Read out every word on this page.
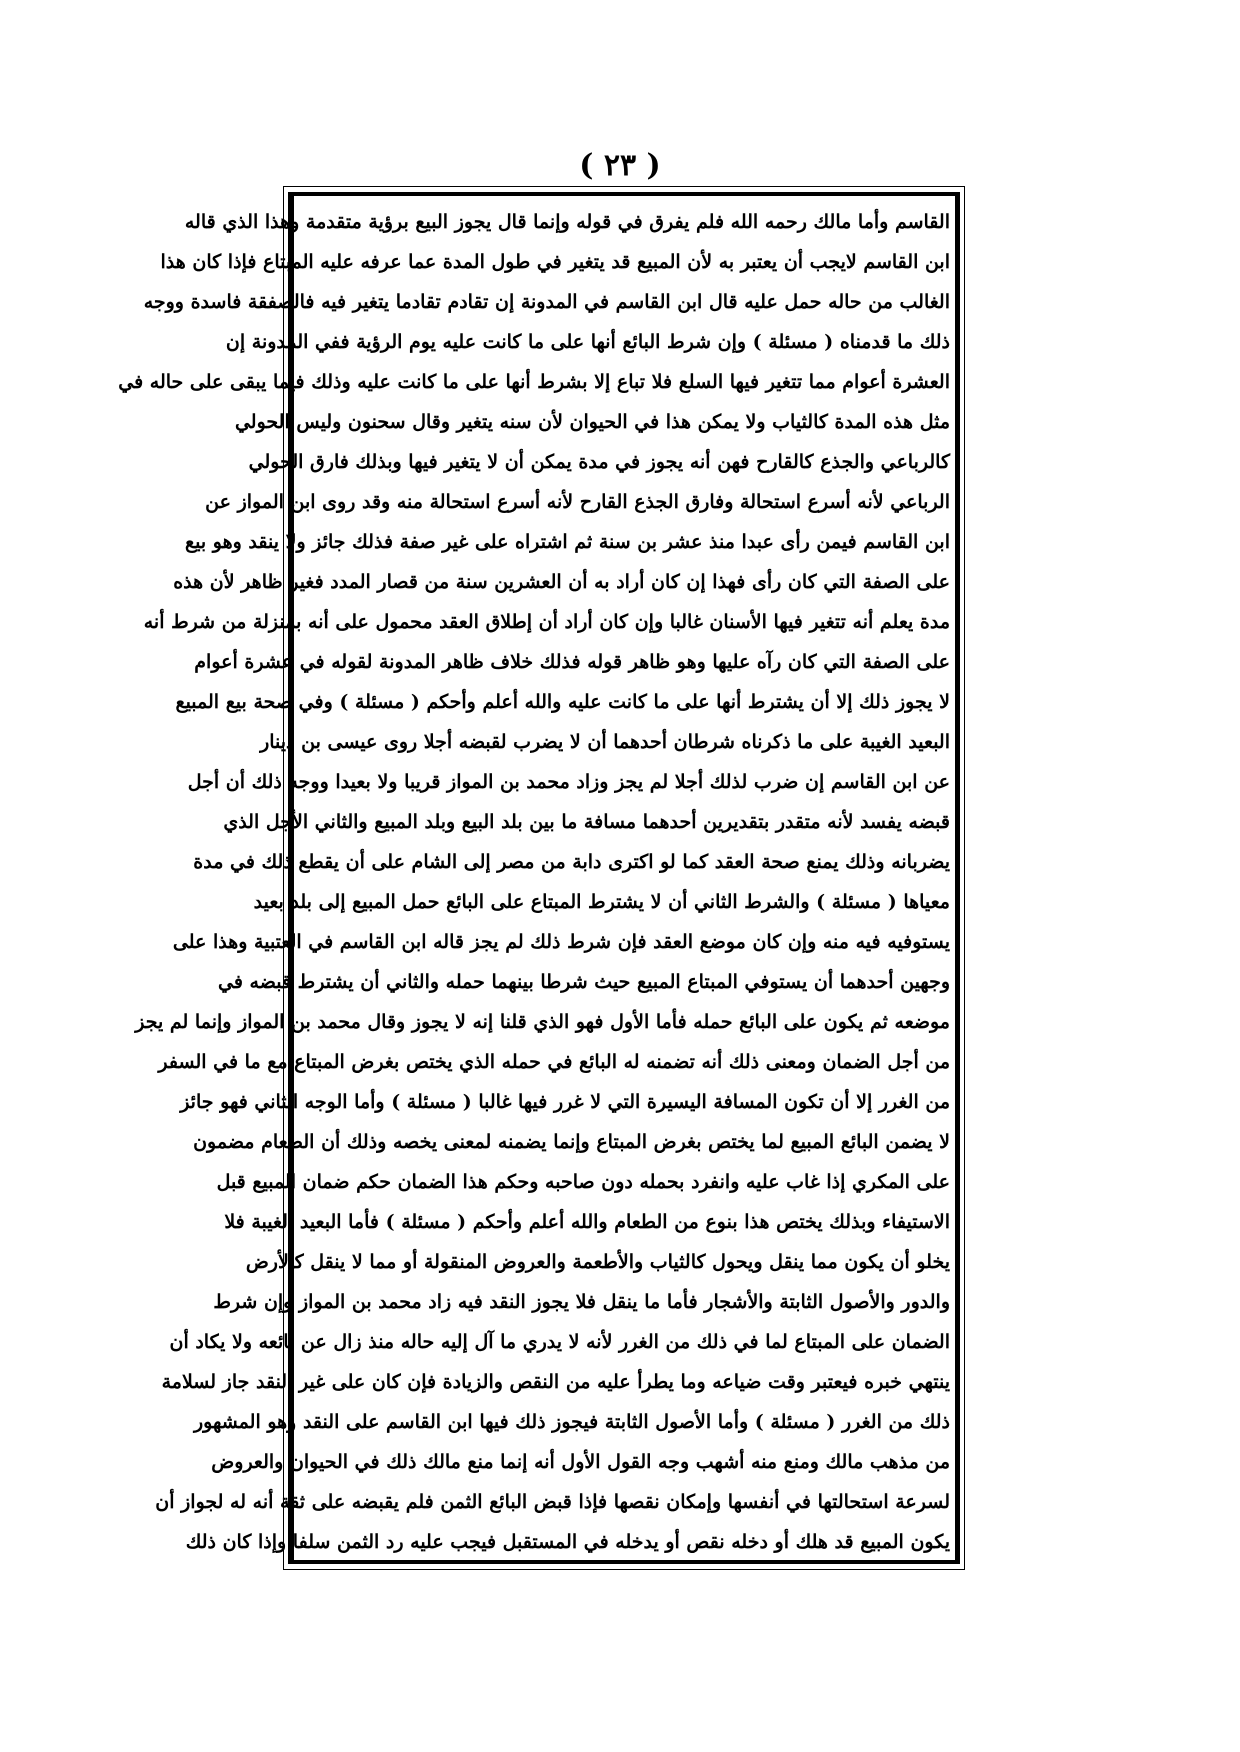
( ٢٣ )
القاسم وأما مالك رحمه الله فلم يفرق في قوله وإنما قال يجوز البيع برؤية متقدمة وهذا الذي قاله
ابن القاسم لايجب أن يعتبر به لأن المبيع قد يتغير في طول المدة عما عرفه عليه المبتاع فإذا كان هذا
الغالب من حاله حمل عليه قال ابن القاسم في المدونة إن تقادم تقادما يتغير فيه فالصفقة فاسدة ووجه
ذلك ما قدمناه ( مسئلة ) وإن شرط البائع أنها على ما كانت عليه يوم الرؤية ففي المدونة إن
العشرة أعوام مما تتغير فيها السلع فلا تباع إلا بشرط أنها على ما كانت عليه وذلك فيما يبقى على حاله في
مثل هذه المدة كالثياب ولا يمكن هذا في الحيوان لأن سنه يتغير وقال سحنون وليس الحولي
كالرباعي والجذع كالقارح فهن أنه يجوز في مدة يمكن أن لا يتغير فيها وبذلك فارق الحولي
الرباعي لأنه أسرع استحالة وفارق الجذع القارح لأنه أسرع استحالة منه وقد روى ابن المواز عن
ابن القاسم فيمن رأى عبدا منذ عشر بن سنة ثم اشتراه على غير صفة فذلك جائز ولا ينقد وهو بيع
على الصفة التي كان رأى فهذا إن كان أراد به أن العشرين سنة من قصار المدد فغير ظاهر لأن هذه
مدة يعلم أنه تتغير فيها الأسنان غالبا وإن كان أراد أن إطلاق العقد محمول على أنه بمنزلة من شرط أنه
على الصفة التي كان رآه عليها وهو ظاهر قوله فذلك خلاف ظاهر المدونة لقوله في عشرة أعوام
لا يجوز ذلك إلا أن يشترط أنها على ما كانت عليه والله أعلم وأحكم ( مسئلة ) وفي صحة بيع المبيع
البعيد الغيبة على ما ذكرناه شرطان أحدهما أن لا يضرب لقبضه أجلا روى عيسى بن دينار
عن ابن القاسم إن ضرب لذلك أجلا لم يجز وزاد محمد بن المواز قريبا ولا بعيدا ووجه ذلك أن أجل
قبضه يفسد لأنه متقدر بتقديرين أحدهما مسافة ما بين بلد البيع وبلد المبيع والثاني الأجل الذي
يضربانه وذلك يمنع صحة العقد كما لو اكترى دابة من مصر إلى الشام على أن يقطع ذلك في مدة
معياها ( مسئلة ) والشرط الثاني أن لا يشترط المبتاع على البائع حمل المبيع إلى بلد بعيد
يستوفيه فيه منه وإن كان موضع العقد فإن شرط ذلك لم يجز قاله ابن القاسم في العتبية وهذا على
وجهين أحدهما أن يستوفي المبتاع المبيع حيث شرطا بينهما حمله والثاني أن يشترط قبضه في
موضعه ثم يكون على البائع حمله فأما الأول فهو الذي قلنا إنه لا يجوز وقال محمد بن المواز وإنما لم يجز
من أجل الضمان ومعنى ذلك أنه تضمنه له البائع في حمله الذي يختص بغرض المبتاع مع ما في السفر
من الغرر إلا أن تكون المسافة اليسيرة التي لا غرر فيها غالبا ( مسئلة ) وأما الوجه الثاني فهو جائز
لا يضمن البائع المبيع لما يختص بغرض المبتاع وإنما يضمنه لمعنى يخصه وذلك أن الطعام مضمون
على المكري إذا غاب عليه وانفرد بحمله دون صاحبه وحكم هذا الضمان حكم ضمان المبيع قبل
الاستيفاء وبذلك يختص هذا بنوع من الطعام والله أعلم وأحكم ( مسئلة ) فأما البعيد الغيبة فلا
يخلو أن يكون مما ينقل ويحول كالثياب والأطعمة والعروض المنقولة أو مما لا ينقل كالأرض
والدور والأصول الثابتة والأشجار فأما ما ينقل فلا يجوز النقد فيه زاد محمد بن المواز وإن شرط
الضمان على المبتاع لما في ذلك من الغرر لأنه لا يدري ما آل إليه حاله منذ زال عن بائعه ولا يكاد أن
ينتهي خبره فيعتبر وقت ضياعه وما يطرأ عليه من النقص والزيادة فإن كان على غير النقد جاز لسلامة
ذلك من الغرر ( مسئلة ) وأما الأصول الثابتة فيجوز ذلك فيها ابن القاسم على النقد وهو المشهور
من مذهب مالك ومنع منه أشهب وجه القول الأول أنه إنما منع مالك ذلك في الحيوان والعروض
لسرعة استحالتها في أنفسها وإمكان نقصها فإذا قبض البائع الثمن فلم يقبضه على ثقة أنه له لجواز أن
يكون المبيع قد هلك أو دخله نقص أو يدخله في المستقبل فيجب عليه رد الثمن سلفا وإذا كان ذلك
